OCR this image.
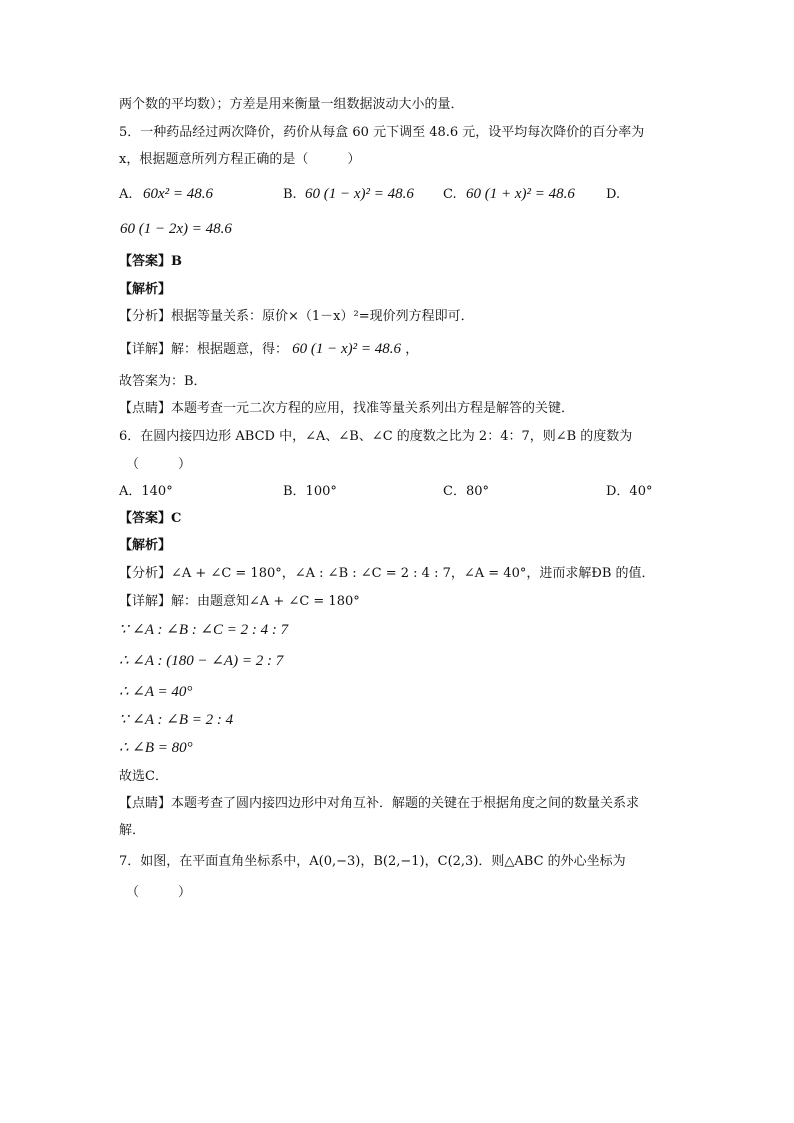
两个数的平均数）；方差是用来衡量一组数据波动大小的量．
5．一种药品经过两次降价，药价从每盒 60 元下调至 48.6 元，设平均每次降价的百分率为
x，根据题意所列方程正确的是（　　　）
A. 60x² = 48.6	B. 60 (1 − x)² = 48.6 C. 60 (1 + x)² = 48.6 D.
60 (1 − 2x) = 48.6
【答案】B
【解析】
【分析】根据等量关系：原价×（1－x）²=现价列方程即可．
【详解】解：根据题意，得： 60 (1 − x)² = 48.6 ，
故答案为：B．
【点睛】本题考查一元二次方程的应用，找准等量关系列出方程是解答的关键．
6．在圆内接四边形 ABCD 中，∠A、∠B、∠C 的度数之比为 2：4：7，则∠B 的度数为
（　　　）
A．140°	B．100°	C．80°	D．40°
【答案】C
【解析】
【分析】∠A + ∠C = 180°，∠A : ∠B : ∠C = 2 : 4 : 7，∠A = 40°，进而求解ÐB 的值．
【详解】解：由题意知∠A + ∠C = 180°
∵ ∠A : ∠B : ∠C = 2 : 4 : 7
∴ ∠A : (180 − ∠A) = 2 : 7
∴ ∠A = 40°
∵ ∠A : ∠B = 2 : 4
∴ ∠B = 80°
故选C．
【点睛】本题考查了圆内接四边形中对角互补．解题的关键在于根据角度之间的数量关系求
解．
7．如图，在平面直角坐标系中，A(0,−3)，B(2,−1)，C(2,3)．则△ABC 的外心坐标为
（　　　）
